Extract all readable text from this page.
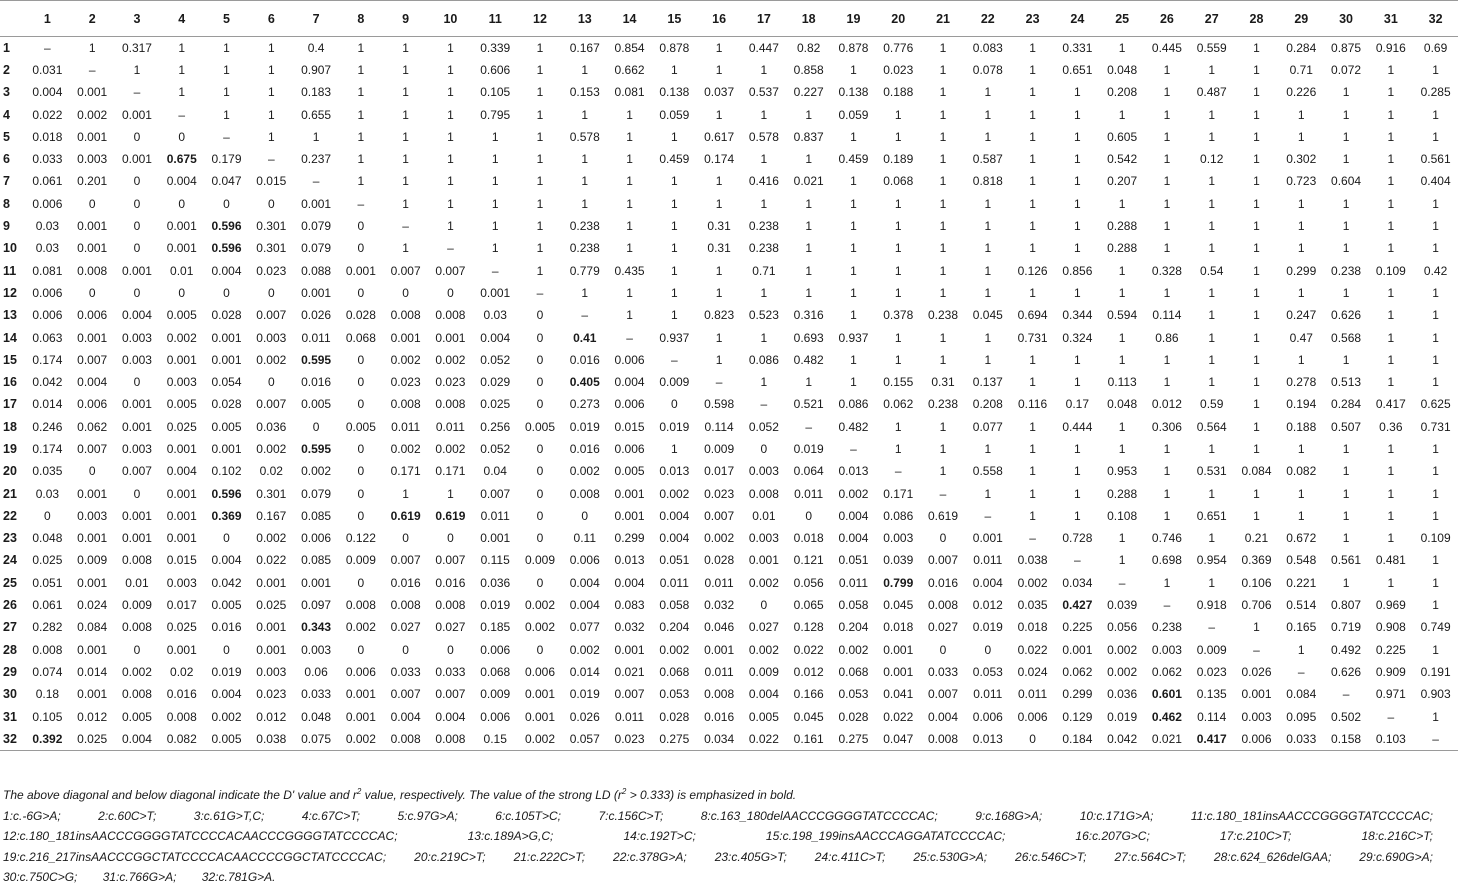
	1	2	3	4	5	6	7	8	9	10	11	12	13	14	15	16	17	18	19	20	21	22	23	24	25	26	27	28	29	30	31	32
1	–	1	0.317	1	1	1	0.4	1	1	1	0.339	1	0.167	0.854	0.878	1	0.447	0.82	0.878	0.776	1	0.083	1	0.331	1	0.445	0.559	1	0.284	0.875	0.916	0.69
2	0.031	–	1	1	1	1	0.907	1	1	1	0.606	1	1	0.662	1	1	1	0.858	1	0.023	1	0.078	1	0.651	0.048	1	1	1	0.71	0.072	1	1
3	0.004	0.001	–	1	1	1	0.183	1	1	1	0.105	1	0.153	0.081	0.138	0.037	0.537	0.227	0.138	0.188	1	1	1	1	0.208	1	0.487	1	0.226	1	1	0.285
4	0.022	0.002	0.001	–	1	1	0.655	1	1	1	0.795	1	1	1	0.059	1	1	1	0.059	1	1	1	1	1	1	1	1	1	1	1	1	1
5	0.018	0.001	0	0	–	1	1	1	1	1	1	1	0.578	1	1	0.617	0.578	0.837	1	1	1	1	1	1	0.605	1	1	1	1	1	1	1
6	0.033	0.003	0.001	0.675	0.179	–	0.237	1	1	1	1	1	1	1	0.459	0.174	1	1	0.459	0.189	1	0.587	1	1	0.542	1	0.12	1	0.302	1	1	0.561
7	0.061	0.201	0	0.004	0.047	0.015	–	1	1	1	1	1	1	1	1	1	0.416	0.021	1	0.068	1	0.818	1	1	0.207	1	1	1	0.723	0.604	1	0.404
8	0.006	0	0	0	0	0	0.001	–	1	1	1	1	1	1	1	1	1	1	1	1	1	1	1	1	1	1	1	1	1	1	1	1
9	0.03	0.001	0	0.001	0.596	0.301	0.079	0	–	1	1	1	0.238	1	1	0.31	0.238	1	1	1	1	1	1	1	0.288	1	1	1	1	1	1	1
10	0.03	0.001	0	0.001	0.596	0.301	0.079	0	1	–	1	1	0.238	1	1	0.31	0.238	1	1	1	1	1	1	1	0.288	1	1	1	1	1	1	1
11	0.081	0.008	0.001	0.01	0.004	0.023	0.088	0.001	0.007	0.007	–	1	0.779	0.435	1	1	0.71	1	1	1	1	1	0.126	0.856	1	0.328	0.54	1	0.299	0.238	0.109	0.42
12	0.006	0	0	0	0	0	0.001	0	0	0	0.001	–	1	1	1	1	1	1	1	1	1	1	1	1	1	1	1	1	1	1	1	1
13	0.006	0.006	0.004	0.005	0.028	0.007	0.026	0.028	0.008	0.008	0.03	0	–	1	1	0.823	0.523	0.316	1	0.378	0.238	0.045	0.694	0.344	0.594	0.114	1	1	0.247	0.626	1	1
14	0.063	0.001	0.003	0.002	0.001	0.003	0.011	0.068	0.001	0.001	0.004	0	0.41	–	0.937	1	1	0.693	0.937	1	1	1	0.731	0.324	1	0.86	1	1	0.47	0.568	1	1
15	0.174	0.007	0.003	0.001	0.001	0.002	0.595	0	0.002	0.002	0.052	0	0.016	0.006	–	1	0.086	0.482	1	1	1	1	1	1	1	1	1	1	1	1	1	1
16	0.042	0.004	0	0.003	0.054	0	0.016	0	0.023	0.023	0.029	0	0.405	0.004	0.009	–	1	1	1	0.155	0.31	0.137	1	1	0.113	1	1	1	0.278	0.513	1	1
17	0.014	0.006	0.001	0.005	0.028	0.007	0.005	0	0.008	0.008	0.025	0	0.273	0.006	0	0.598	–	0.521	0.086	0.062	0.238	0.208	0.116	0.17	0.048	0.012	0.59	1	0.194	0.284	0.417	0.625
18	0.246	0.062	0.001	0.025	0.005	0.036	0	0.005	0.011	0.011	0.256	0.005	0.019	0.015	0.019	0.114	0.052	–	0.482	1	1	0.077	1	0.444	1	0.306	0.564	1	0.188	0.507	0.36	0.731
19	0.174	0.007	0.003	0.001	0.001	0.002	0.595	0	0.002	0.002	0.052	0	0.016	0.006	1	0.009	0	0.019	–	1	1	1	1	1	1	1	1	1	1	1	1	1
20	0.035	0	0.007	0.004	0.102	0.02	0.002	0	0.171	0.171	0.04	0	0.002	0.005	0.013	0.017	0.003	0.064	0.013	–	1	0.558	1	1	0.953	1	0.531	0.084	0.082	1	1	1
21	0.03	0.001	0	0.001	0.596	0.301	0.079	0	1	1	0.007	0	0.008	0.001	0.002	0.023	0.008	0.011	0.002	0.171	–	1	1	1	0.288	1	1	1	1	1	1	1
22	0	0.003	0.001	0.001	0.369	0.167	0.085	0	0.619	0.619	0.011	0	0	0.001	0.004	0.007	0.01	0	0.004	0.086	0.619	–	1	1	0.108	1	0.651	1	1	1	1	1
23	0.048	0.001	0.001	0.001	0	0.002	0.006	0.122	0	0	0.001	0	0.11	0.299	0.004	0.002	0.003	0.018	0.004	0.003	0	0.001	–	0.728	1	0.746	1	0.21	0.672	1	1	0.109
24	0.025	0.009	0.008	0.015	0.004	0.022	0.085	0.009	0.007	0.007	0.115	0.009	0.006	0.013	0.051	0.028	0.001	0.121	0.051	0.039	0.007	0.011	0.038	–	1	0.698	0.954	0.369	0.548	0.561	0.481	1
25	0.051	0.001	0.01	0.003	0.042	0.001	0.001	0	0.016	0.016	0.036	0	0.004	0.004	0.011	0.011	0.002	0.056	0.011	0.799	0.016	0.004	0.002	0.034	–	1	1	0.106	0.221	1	1	1
26	0.061	0.024	0.009	0.017	0.005	0.025	0.097	0.008	0.008	0.008	0.019	0.002	0.004	0.083	0.058	0.032	0	0.065	0.058	0.045	0.008	0.012	0.035	0.427	0.039	–	0.918	0.706	0.514	0.807	0.969	1
27	0.282	0.084	0.008	0.025	0.016	0.001	0.343	0.002	0.027	0.027	0.185	0.002	0.077	0.032	0.204	0.046	0.027	0.128	0.204	0.018	0.027	0.019	0.018	0.225	0.056	0.238	–	1	0.165	0.719	0.908	0.749
28	0.008	0.001	0	0.001	0	0.001	0.003	0	0	0	0.006	0	0.002	0.001	0.002	0.001	0.002	0.022	0.002	0.001	0	0	0.022	0.001	0.002	0.003	0.009	–	1	0.492	0.225	1
29	0.074	0.014	0.002	0.02	0.019	0.003	0.06	0.006	0.033	0.033	0.068	0.006	0.014	0.021	0.068	0.011	0.009	0.012	0.068	0.001	0.033	0.053	0.024	0.062	0.002	0.062	0.023	0.026	–	0.626	0.909	0.191
30	0.18	0.001	0.008	0.016	0.004	0.023	0.033	0.001	0.007	0.007	0.009	0.001	0.019	0.007	0.053	0.008	0.004	0.166	0.053	0.041	0.007	0.011	0.011	0.299	0.036	0.601	0.135	0.001	0.084	–	0.971	0.903
31	0.105	0.012	0.005	0.008	0.002	0.012	0.048	0.001	0.004	0.004	0.006	0.001	0.026	0.011	0.028	0.016	0.005	0.045	0.028	0.022	0.004	0.006	0.006	0.129	0.019	0.462	0.114	0.003	0.095	0.502	–	1
32	0.392	0.025	0.004	0.082	0.005	0.038	0.075	0.002	0.008	0.008	0.15	0.002	0.057	0.023	0.275	0.034	0.022	0.161	0.275	0.047	0.008	0.013	0	0.184	0.042	0.021	0.417	0.006	0.033	0.158	0.103	–

The above diagonal and below diagonal indicate the D' value and $r^2$ value, respectively. The value of the strong LD $(r^2 > 0.333)$ is emphasized in bold.

1:c.-6G>A;	2:c.60C>T;	3:c.61G>T,C;	4:c.67C>T;	5:c.97G>A;	6:c.105T>C;	7:c.156C>T;	8:c.163_180delAACCCGGGGTATCCCCAC;	9:c.168G>A;	10:c.171G>A;	11:c.180_181insAACCCGGGGTATCCCCAC; 12:c.180_181insAACCCGGGGTATCCCCACAACCCGGGGTATCCCCAC;	13:c.189A>G,C;	14:c.192T>C;	15:c.198_199insAACCCAGGATATCCCCAC;	16:c.207G>C;	17:c.210C>T;	18:c.216C>T; 19:c.216_217insAACCCGGCTATCCCCACAACCCCGGCTATCCCCAC; 20:c.219C>T; 21:c.222C>T; 22:c.378G>A; 23:c.405G>T; 24:c.411C>T; 25:c.530G>A; 26:c.546C>T; 27:c.564C>T; 28:c.624_626delGAA; 29:c.690G>A; 30:c.750C>G; 31:c.766G>A; 32:c.781G>A.
